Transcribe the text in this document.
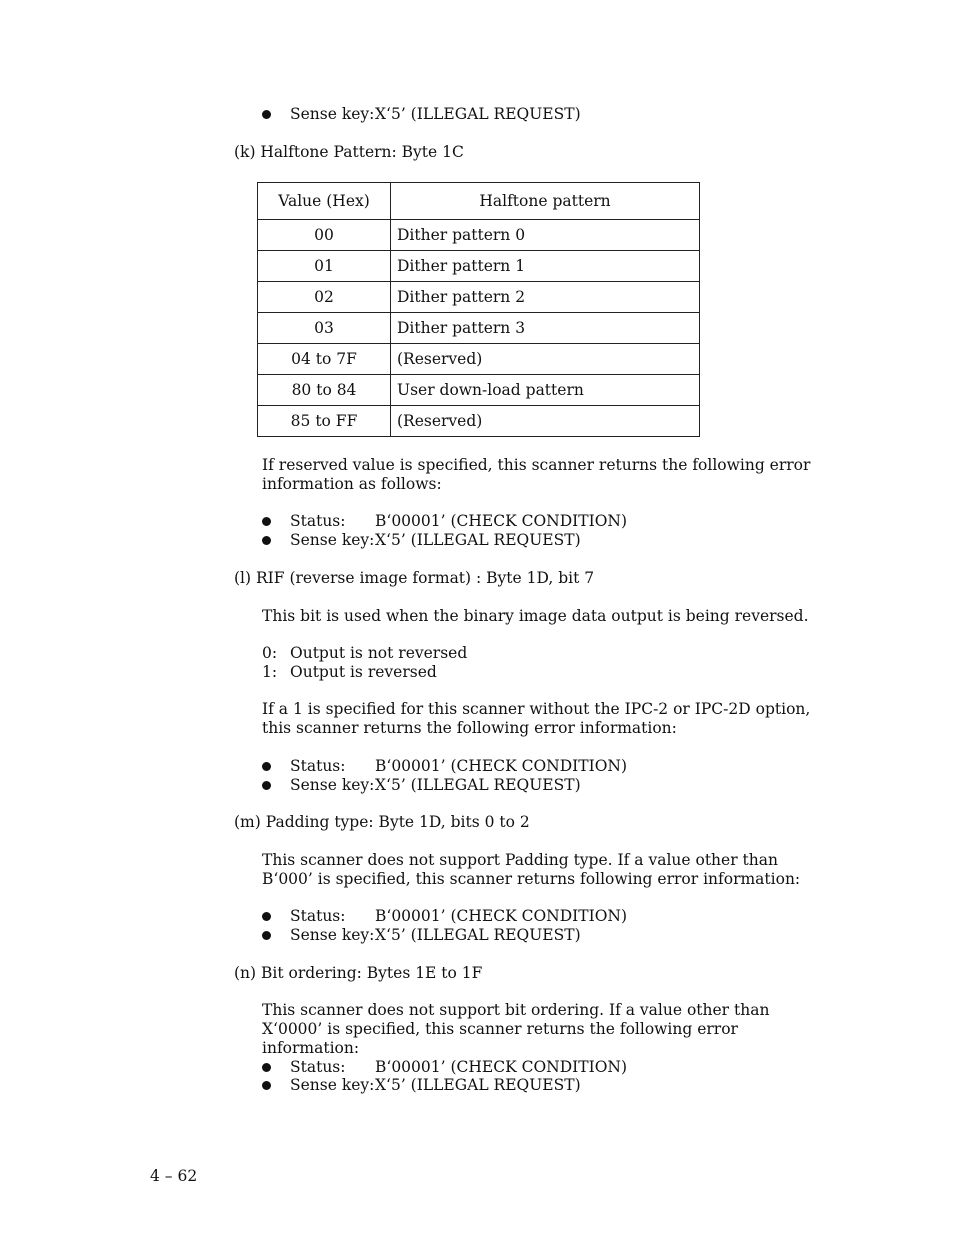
Sense key: X‘5’ (ILLEGAL REQUEST)
(k) Halftone Pattern: Byte 1C
Value (Hex)	Halftone pattern
00	Dither pattern 0
01	Dither pattern 1
02	Dither pattern 2
03	Dither pattern 3
04 to 7F	(Reserved)
80 to 84	User down-load pattern
85 to FF	(Reserved)
If reserved value is specified, this scanner returns the following error information as follows:
Status: B‘00001’ (CHECK CONDITION)
Sense key: X‘5’ (ILLEGAL REQUEST)
(l) RIF (reverse image format) : Byte 1D, bit 7
This bit is used when the binary image data output is being reversed.
0: Output is not reversed
1: Output is reversed
If a 1 is specified for this scanner without the IPC-2 or IPC-2D option, this scanner returns the following error information:
Status: B‘00001’ (CHECK CONDITION)
Sense key: X‘5’ (ILLEGAL REQUEST)
(m) Padding type: Byte 1D, bits 0 to 2
This scanner does not support Padding type. If a value other than B‘000’ is specified, this scanner returns following error information:
Status: B‘00001’ (CHECK CONDITION)
Sense key: X‘5’ (ILLEGAL REQUEST)
(n) Bit ordering: Bytes 1E to 1F
This scanner does not support bit ordering. If a value other than X‘0000’ is specified, this scanner returns the following error information:
Status: B‘00001’ (CHECK CONDITION)
Sense key: X‘5’ (ILLEGAL REQUEST)
4 – 62
